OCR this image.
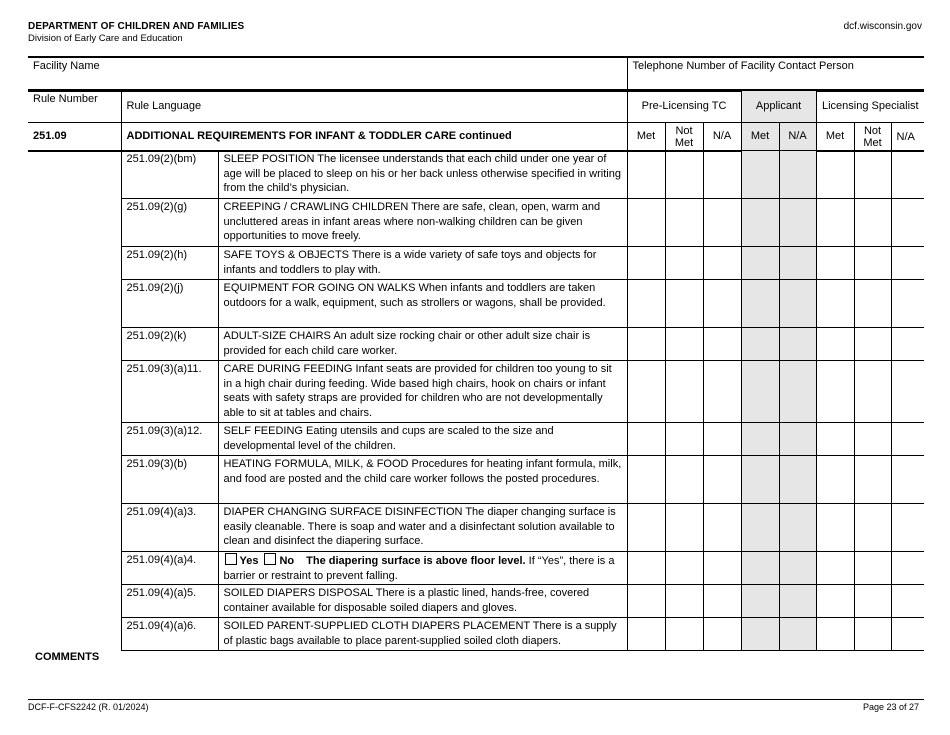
DEPARTMENT OF CHILDREN AND FAMILIES
Division of Early Care and Education
dcf.wisconsin.gov
Facility Name	Telephone Number of Facility Contact Person
Rule Number	Rule Language	Pre-Licensing TC			Applicant		Licensing Specialist		
251.09	ADDITIONAL REQUIREMENTS FOR INFANT & TODDLER CARE continued	Met	Not Met	N/A	Met	N/A	Met	Not Met	N/A
	251.09(2)(bm)	SLEEP POSITION The licensee understands that each child under one year of age will be placed to sleep on his or her back unless otherwise specified in writing from the child’s physician.								
	251.09(2)(g)	CREEPING / CRAWLING CHILDREN There are safe, clean, open, warm and uncluttered areas in infant areas where non-walking children can be given opportunities to move freely.								
	251.09(2)(h)	SAFE TOYS & OBJECTS There is a wide variety of safe toys and objects for infants and toddlers to play with.								
	251.09(2)(j)	EQUIPMENT FOR GOING ON WALKS When infants and toddlers are taken outdoors for a walk, equipment, such as strollers or wagons, shall be provided.								
	251.09(2)(k)	ADULT-SIZE CHAIRS An adult size rocking chair or other adult size chair is provided for each child care worker.								
	251.09(3)(a)11.	CARE DURING FEEDING Infant seats are provided for children too young to sit in a high chair during feeding. Wide based high chairs, hook on chairs or infant seats with safety straps are provided for children who are not developmentally able to sit at tables and chairs.								
	251.09(3)(a)12.	SELF FEEDING Eating utensils and cups are scaled to the size and developmental level of the children.								
	251.09(3)(b)	HEATING FORMULA, MILK, & FOOD Procedures for heating infant formula, milk, and food are posted and the child care worker follows the posted procedures.								
	251.09(4)(a)3.	DIAPER CHANGING SURFACE DISINFECTION The diaper changing surface is easily cleanable. There is soap and water and a disinfectant solution available to clean and disinfect the diapering surface.								
	251.09(4)(a)4.	Yes No The diapering surface is above floor level. If “Yes”, there is a barrier or restraint to prevent falling.								
	251.09(4)(a)5.	SOILED DIAPERS DISPOSAL There is a plastic lined, hands-free, covered container available for disposable soiled diapers and gloves.								
	251.09(4)(a)6.	SOILED PARENT-SUPPLIED CLOTH DIAPERS PLACEMENT There is a supply of plastic bags available to place parent-supplied soiled cloth diapers.								
COMMENTS
DCF-F-CFS2242 (R. 01/2024)	Page 23 of 27
